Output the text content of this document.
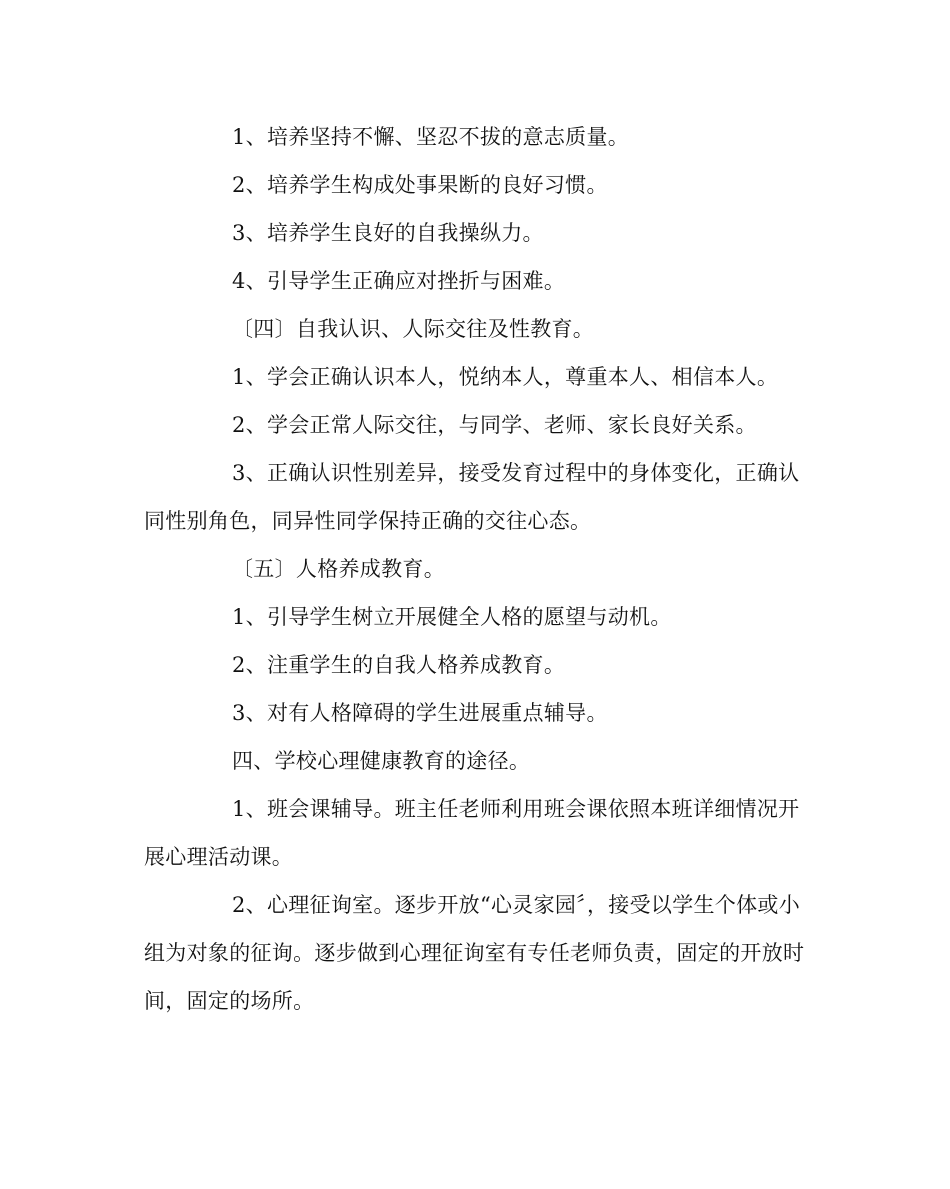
1、培养坚持不懈、坚忍不拔的意志质量。

2、培养学生构成处事果断的良好习惯。

3、培养学生良好的自我操纵力。

4、引导学生正确应对挫折与困难。

〔四〕自我认识、人际交往及性教育。

1、学会正确认识本人，悦纳本人，尊重本人、相信本人。

2、学会正常人际交往，与同学、老师、家长良好关系。

3、正确认识性别差异，接受发育过程中的身体变化，正确认同性别角色，同异性同学保持正确的交往心态。

〔五〕人格养成教育。

1、引导学生树立开展健全人格的愿望与动机。

2、注重学生的自我人格养成教育。

3、对有人格障碍的学生进展重点辅导。

四、学校心理健康教育的途径。

1、班会课辅导。班主任老师利用班会课依照本班详细情况开展心理活动课。

2、心理征询室。逐步开放“心灵家园〞，接受以学生个体或小组为对象的征询。逐步做到心理征询室有专任老师负责，固定的开放时间，固定的场所。
